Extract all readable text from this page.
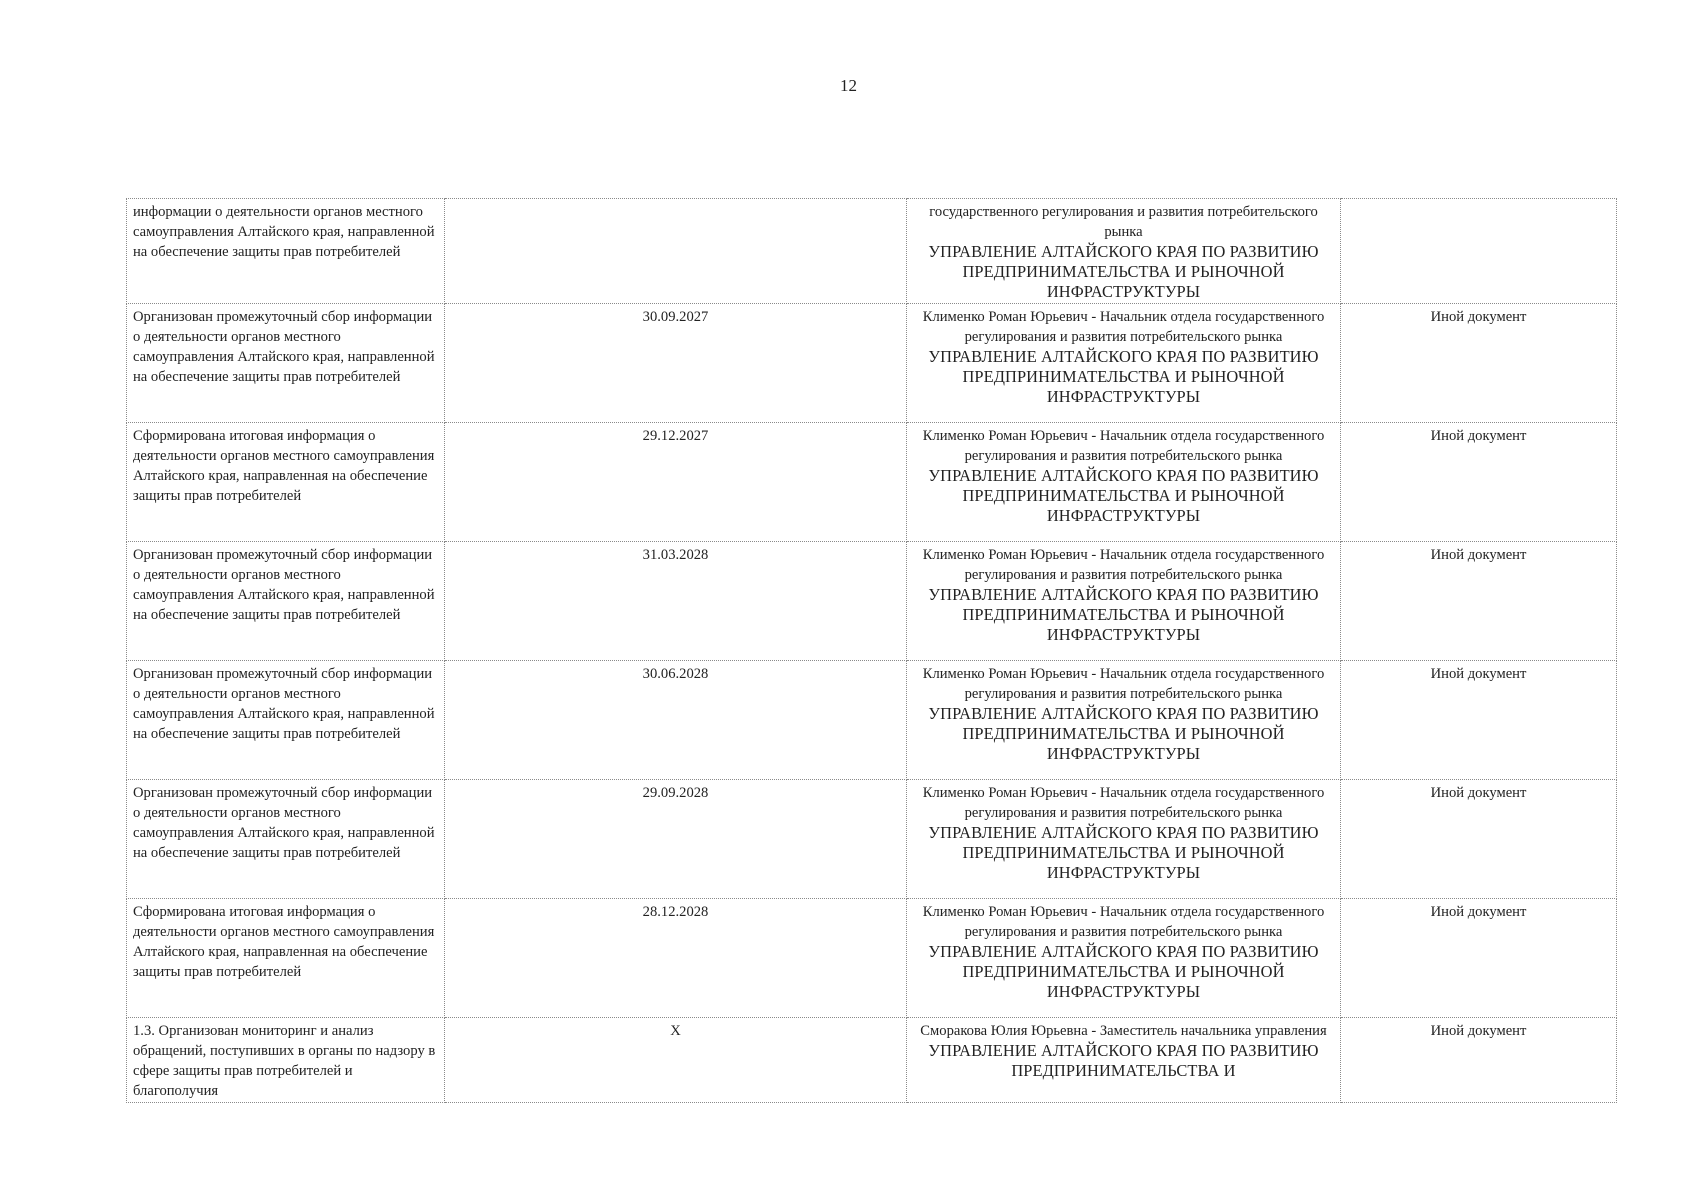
12
информации о деятельности органов местного самоуправления Алтайского края, направленной на обеспечение защиты прав потребителей		государственного регулирования и развития потребительского рынка
УПРАВЛЕНИЕ АЛТАЙСКОГО КРАЯ ПО РАЗВИТИЮ ПРЕДПРИНИМАТЕЛЬСТВА И РЫНОЧНОЙ ИНФРАСТРУКТУРЫ	

Организован промежуточный сбор информации о деятельности органов местного самоуправления Алтайского края, направленной на обеспечение защиты прав потребителей	30.09.2027	Клименко Роман Юрьевич - Начальник отдела государственного регулирования и развития потребительского рынка
УПРАВЛЕНИЕ АЛТАЙСКОГО КРАЯ ПО РАЗВИТИЮ ПРЕДПРИНИМАТЕЛЬСТВА И РЫНОЧНОЙ ИНФРАСТРУКТУРЫ	Иной документ
Сформирована итоговая информация о деятельности органов местного самоуправления Алтайского края, направленная на обеспечение защиты прав потребителей	29.12.2027	Клименко Роман Юрьевич - Начальник отдела государственного регулирования и развития потребительского рынка
УПРАВЛЕНИЕ АЛТАЙСКОГО КРАЯ ПО РАЗВИТИЮ ПРЕДПРИНИМАТЕЛЬСТВА И РЫНОЧНОЙ ИНФРАСТРУКТУРЫ	Иной документ
Организован промежуточный сбор информации о деятельности органов местного самоуправления Алтайского края, направленной на обеспечение защиты прав потребителей	31.03.2028	Клименко Роман Юрьевич - Начальник отдела государственного регулирования и развития потребительского рынка
УПРАВЛЕНИЕ АЛТАЙСКОГО КРАЯ ПО РАЗВИТИЮ ПРЕДПРИНИМАТЕЛЬСТВА И РЫНОЧНОЙ ИНФРАСТРУКТУРЫ	Иной документ
Организован промежуточный сбор информации о деятельности органов местного самоуправления Алтайского края, направленной на обеспечение защиты прав потребителей	30.06.2028	Клименко Роман Юрьевич - Начальник отдела государственного регулирования и развития потребительского рынка
УПРАВЛЕНИЕ АЛТАЙСКОГО КРАЯ ПО РАЗВИТИЮ ПРЕДПРИНИМАТЕЛЬСТВА И РЫНОЧНОЙ ИНФРАСТРУКТУРЫ	Иной документ
Организован промежуточный сбор информации о деятельности органов местного самоуправления Алтайского края, направленной на обеспечение защиты прав потребителей	29.09.2028	Клименко Роман Юрьевич - Начальник отдела государственного регулирования и развития потребительского рынка
УПРАВЛЕНИЕ АЛТАЙСКОГО КРАЯ ПО РАЗВИТИЮ ПРЕДПРИНИМАТЕЛЬСТВА И РЫНОЧНОЙ ИНФРАСТРУКТУРЫ	Иной документ
Сформирована итоговая информация о деятельности органов местного самоуправления Алтайского края, направленная на обеспечение защиты прав потребителей	28.12.2028	Клименко Роман Юрьевич - Начальник отдела государственного регулирования и развития потребительского рынка
УПРАВЛЕНИЕ АЛТАЙСКОГО КРАЯ ПО РАЗВИТИЮ ПРЕДПРИНИМАТЕЛЬСТВА И РЫНОЧНОЙ ИНФРАСТРУКТУРЫ	Иной документ
1.3. Организован мониторинг и анализ обращений, поступивших в органы по надзору в сфере защиты прав потребителей и благополучия	Х	Сморакова Юлия Юрьевна - Заместитель начальника управления
УПРАВЛЕНИЕ АЛТАЙСКОГО КРАЯ ПО РАЗВИТИЮ ПРЕДПРИНИМАТЕЛЬСТВА И	Иной документ
